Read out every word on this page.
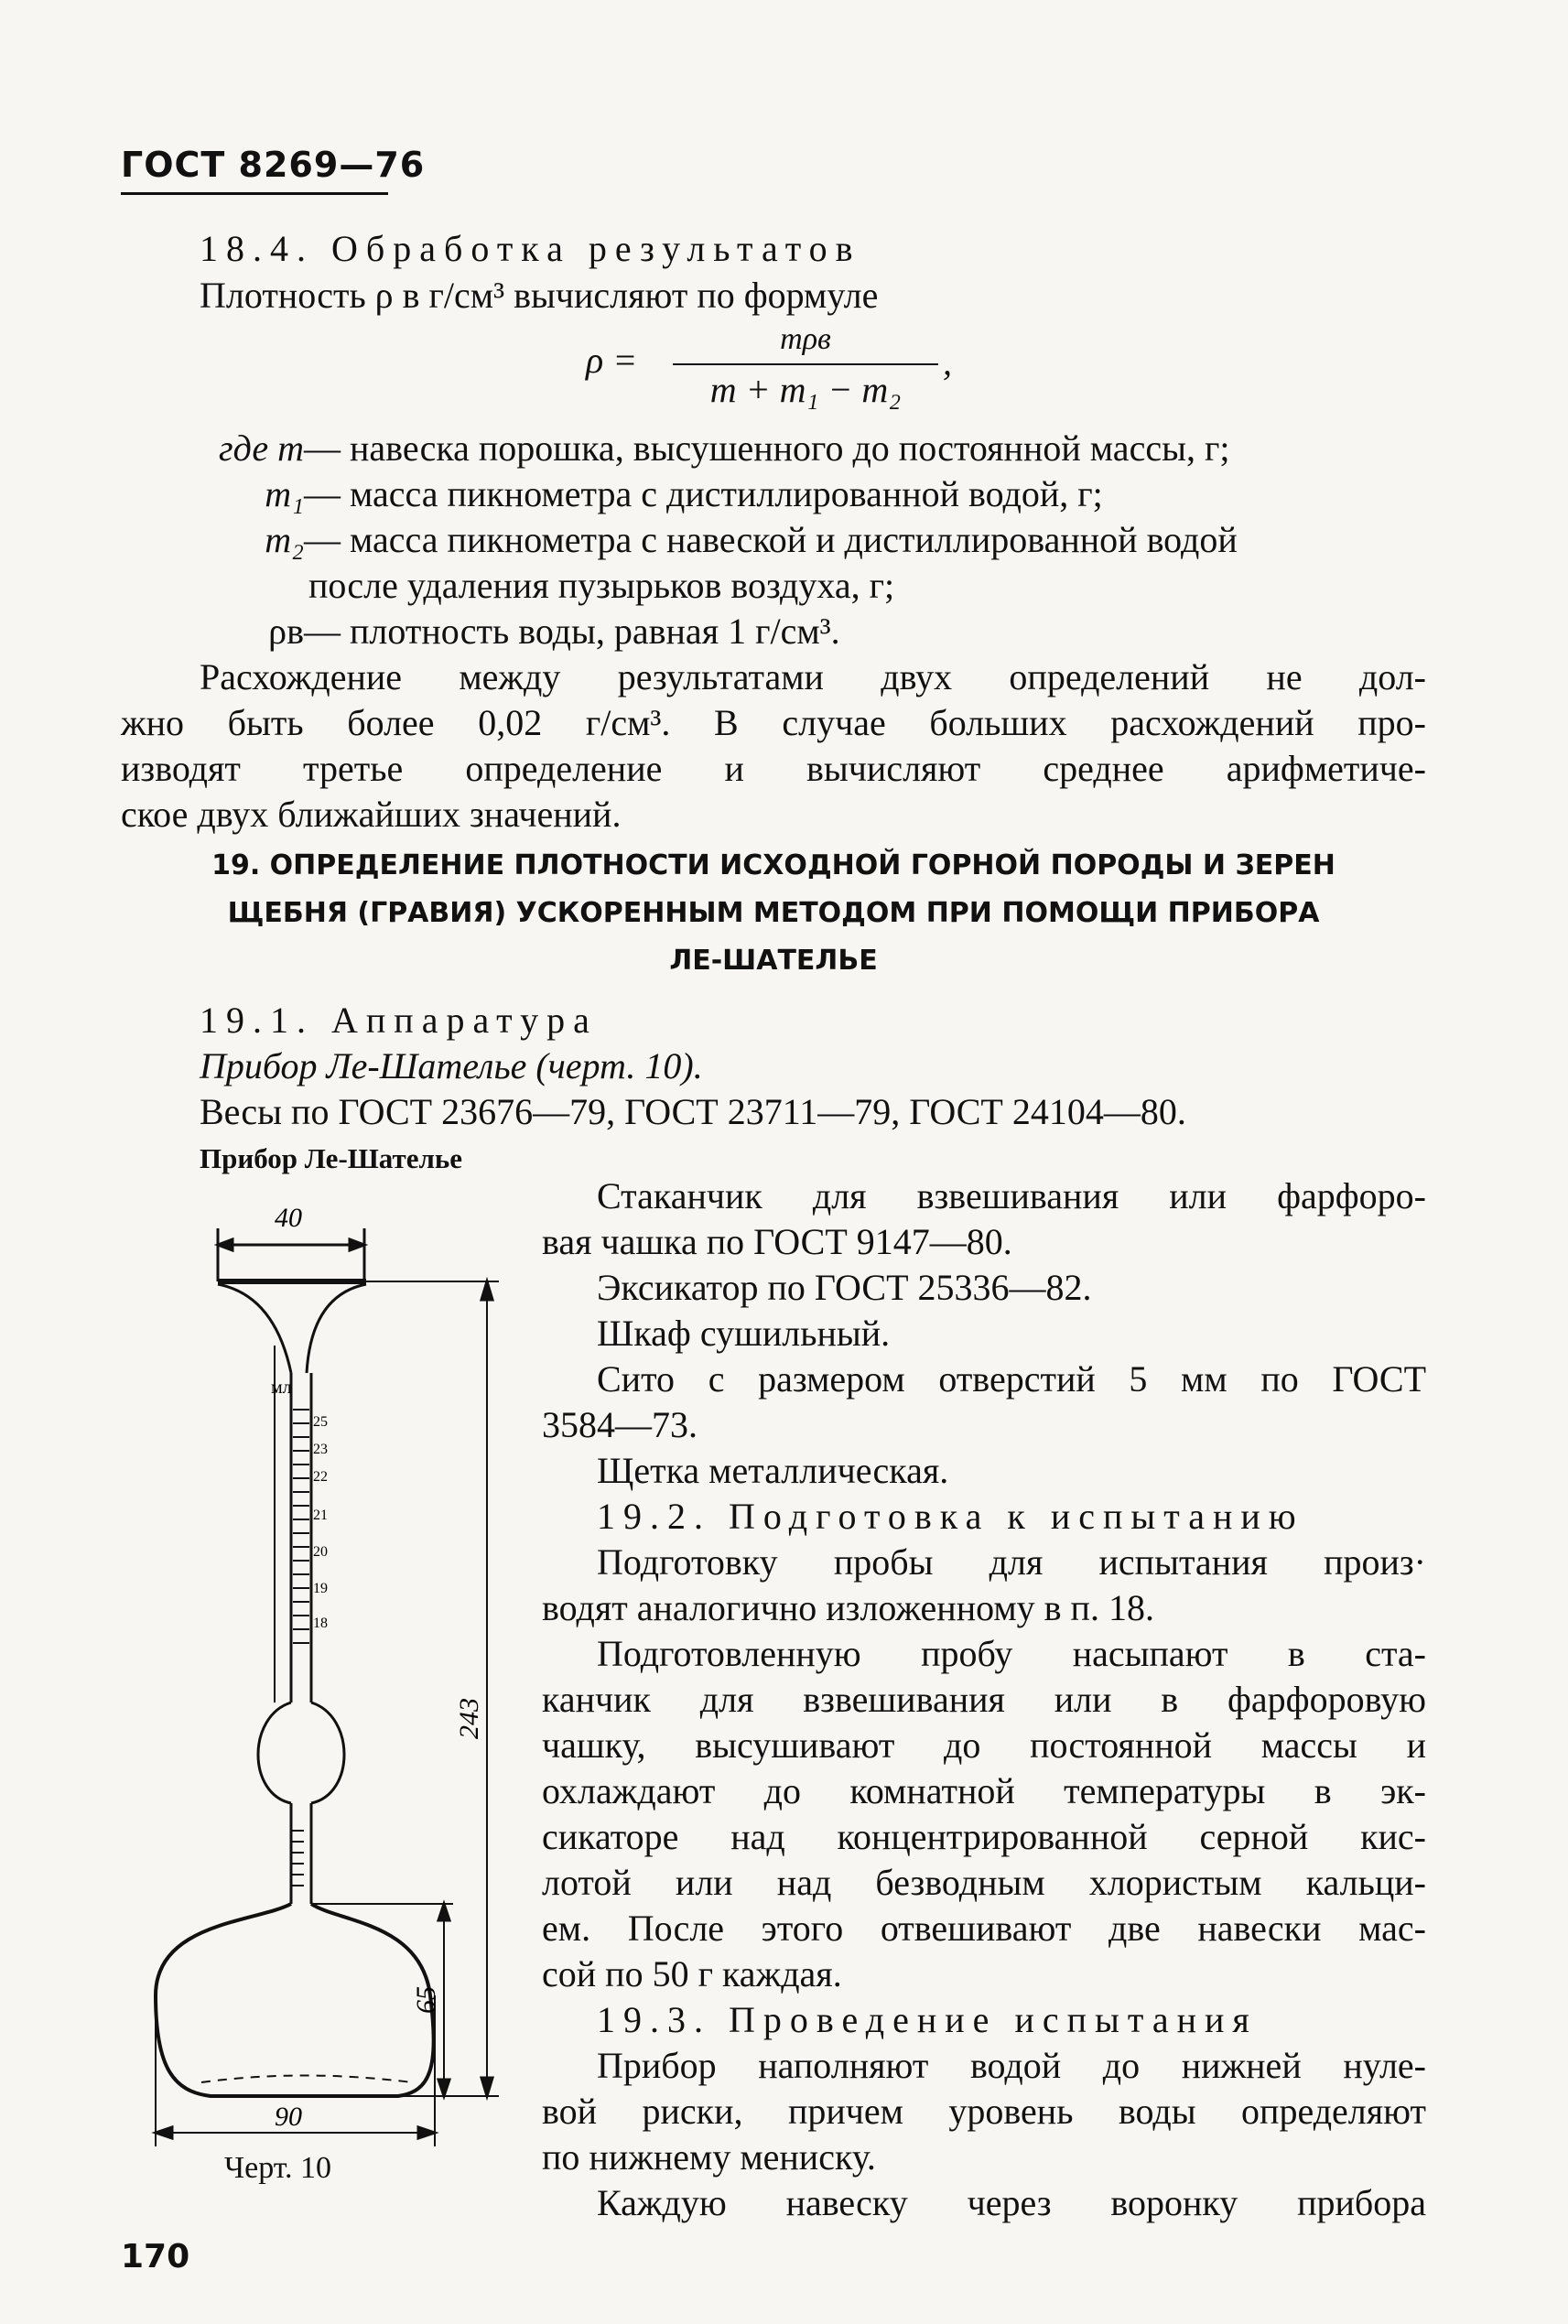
ГОСТ 8269—76
18.4. Обработка результатов
Плотность ρ в г/см³ вычисляют по формуле
ρ =
mρв
m + m₁ − m₂
,
где m— навеска порошка, высушенного до постоянной массы, г;
m₁— масса пикнометра с дистиллированной водой, г;
m₂— масса пикнометра с навеской и дистиллированной водой
после удаления пузырьков воздуха, г;
ρв— плотность воды, равная 1 г/см³.
Расхождение между результатами двух определений не дол-
жно быть более 0,02 г/см³. В случае больших расхождений про-
изводят третье определение и вычисляют среднее арифметиче-
ское двух ближайших значений.
19. ОПРЕДЕЛЕНИЕ ПЛОТНОСТИ ИСХОДНОЙ ГОРНОЙ ПОРОДЫ И ЗЕРЕН
ЩЕБНЯ (ГРАВИЯ) УСКОРЕННЫМ МЕТОДОМ ПРИ ПОМОЩИ ПРИБОРА
ЛЕ-ШАТЕЛЬЕ
19.1. Аппаратура
Прибор Ле-Шателье (черт. 10).
Весы по ГОСТ 23676—79, ГОСТ 23711—79, ГОСТ 24104—80.
Прибор Ле-Шателье
мл
25
23
22
21
20
19
18
40
243
65
90
Черт. 10
Стаканчик для взвешивания или фарфоро-
вая чашка по ГОСТ 9147—80.
Эксикатор по ГОСТ 25336—82.
Шкаф сушильный.
Сито с размером отверстий 5 мм по ГОСТ
3584—73.
Щетка металлическая.
19.2. Подготовка к испытанию
Подготовку пробы для испытания произ·
водят аналогично изложенному в п. 18.
Подготовленную пробу насыпают в ста-
канчик для взвешивания или в фарфоровую
чашку, высушивают до постоянной массы и
охлаждают до комнатной температуры в эк-
сикаторе над концентрированной серной кис-
лотой или над безводным хлористым кальци-
ем. После этого отвешивают две навески мас-
сой по 50 г каждая.
19.3. Проведение испытания
Прибор наполняют водой до нижней нуле-
вой риски, причем уровень воды определяют
по нижнему мениску.
Каждую навеску через воронку прибора
170
